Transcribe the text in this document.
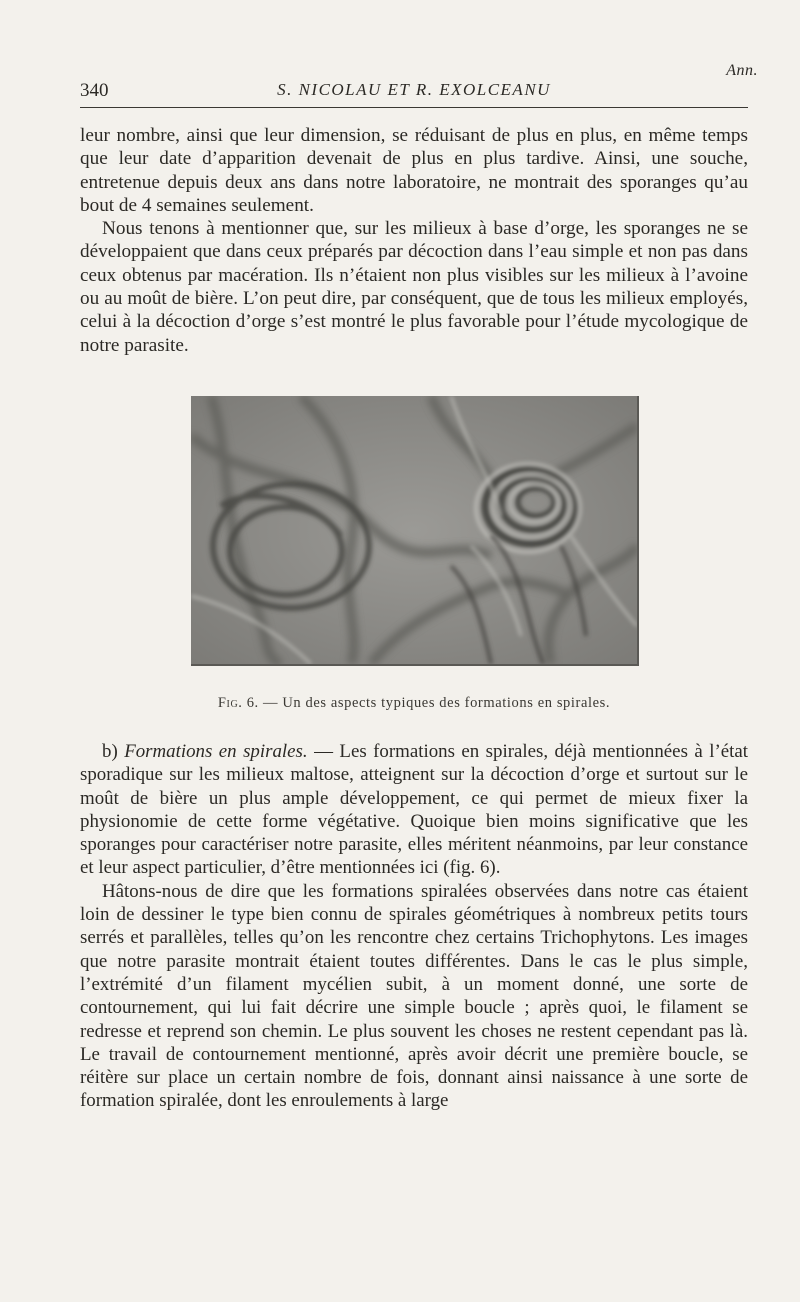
Ann.
340	S. NICOLAU ET R. EXOLCEANU

leur nombre, ainsi que leur dimension, se réduisant de plus en plus, en même temps que leur date d’apparition devenait de plus en plus tardive. Ainsi, une souche, entretenue depuis deux ans dans notre laboratoire, ne montrait des sporanges qu’au bout de 4 semaines seulement.

Nous tenons à mentionner que, sur les milieux à base d’orge, les sporanges ne se développaient que dans ceux préparés par décoction dans l’eau simple et non pas dans ceux obtenus par macération. Ils n’étaient non plus visibles sur les milieux à l’avoine ou au moût de bière. L’on peut dire, par conséquent, que de tous les milieux employés, celui à la décoction d’orge s’est montré le plus favorable pour l’étude mycologique de notre parasite.

Fig. 6. — Un des aspects typiques des formations en spirales.

b) Formations en spirales. — Les formations en spirales, déjà mentionnées à l’état sporadique sur les milieux maltose, atteignent sur la décoction d’orge et surtout sur le moût de bière un plus ample développement, ce qui permet de mieux fixer la physionomie de cette forme végétative. Quoique bien moins significative que les sporanges pour caractériser notre parasite, elles méritent néanmoins, par leur constance et leur aspect particulier, d’être mentionnées ici (fig. 6).

Hâtons-nous de dire que les formations spiralées observées dans notre cas étaient loin de dessiner le type bien connu de spirales géométriques à nombreux petits tours serrés et parallèles, telles qu’on les rencontre chez certains Trichophytons. Les images que notre parasite montrait étaient toutes différentes. Dans le cas le plus simple, l’extrémité d’un filament mycélien subit, à un moment donné, une sorte de contournement, qui lui fait décrire une simple boucle ; après quoi, le filament se redresse et reprend son chemin. Le plus souvent les choses ne restent cependant pas là. Le travail de contournement mentionné, après avoir décrit une première boucle, se réitère sur place un certain nombre de fois, donnant ainsi naissance à une sorte de formation spiralée, dont les enroulements à large
